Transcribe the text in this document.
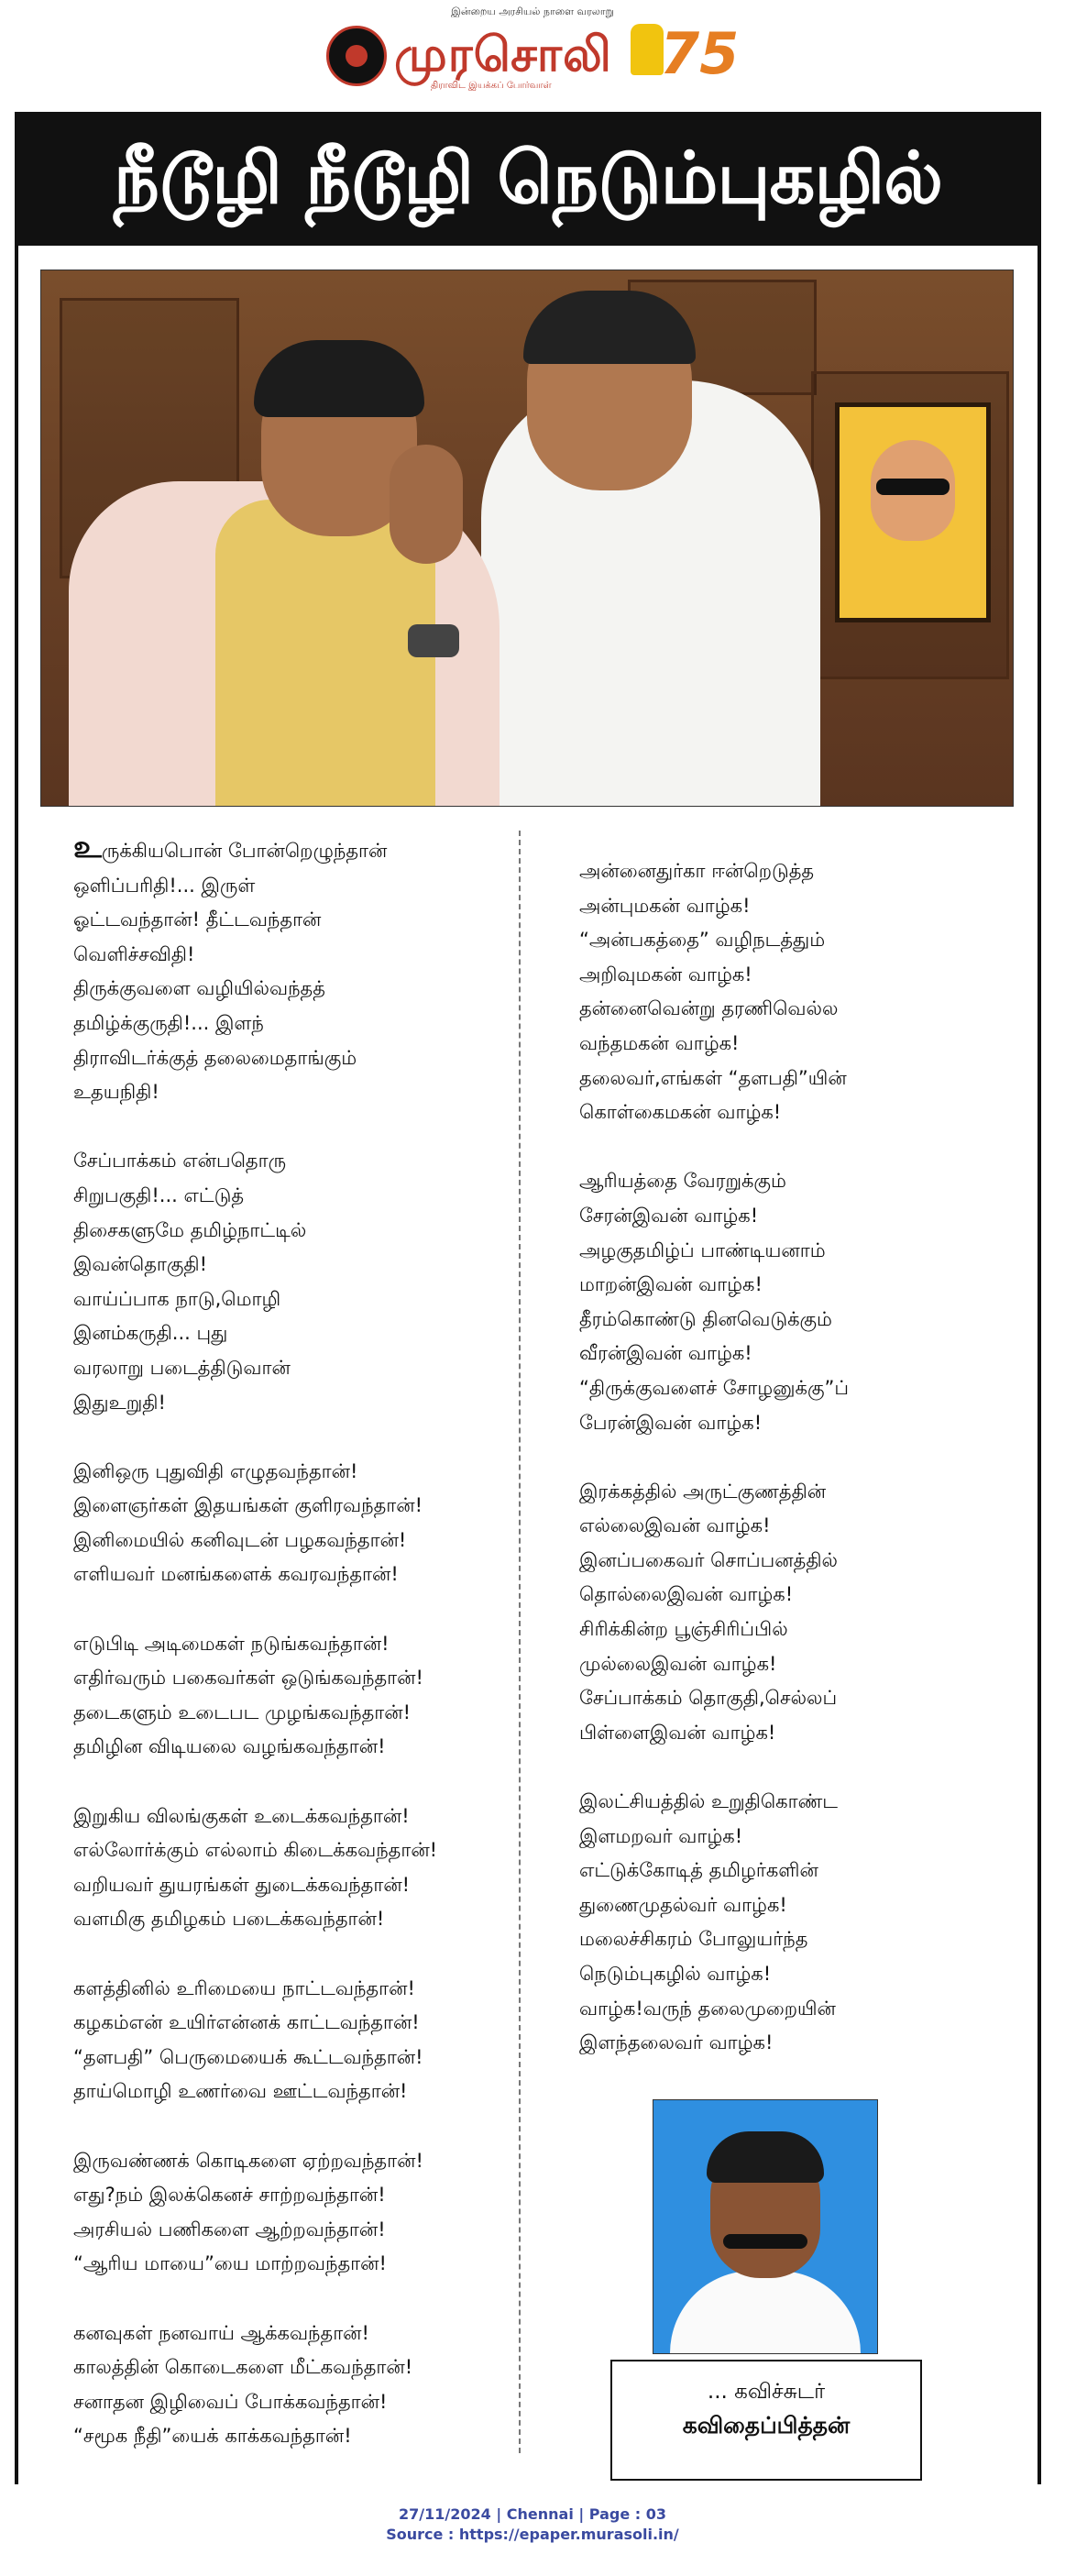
இன்றைய அரசியல் நாளை வரலாறு
முரசொலி
திராவிட இயக்கப் போர்வாள் 75
நீடூழி நீடூழி நெடும்புகழில்
உருக்கியபொன் போன்றெழுந்தான்
ஒளிப்பரிதி!... இருள்
ஓட்டவந்தான்! தீட்டவந்தான்
வெளிச்சவிதி!
திருக்குவளை வழியில்வந்தத்
தமிழ்க்குருதி!... இளந்
திராவிடர்க்குத் தலைமைதாங்கும்
உதயநிதி!
சேப்பாக்கம் என்பதொரு
சிறுபகுதி!... எட்டுத்
திசைகளுமே தமிழ்நாட்டில்
இவன்தொகுதி!
வாய்ப்பாக நாடு,மொழி
இனம்கருதி... புது
வரலாறு படைத்திடுவான்
இதுஉறுதி!
இனிஒரு புதுவிதி எழுதவந்தான்!
இளைஞர்கள் இதயங்கள் குளிரவந்தான்!
இனிமையில் கனிவுடன் பழகவந்தான்!
எளியவர் மனங்களைக் கவரவந்தான்!
எடுபிடி அடிமைகள் நடுங்கவந்தான்!
எதிர்வரும் பகைவர்கள் ஒடுங்கவந்தான்!
தடைகளும் உடைபட முழங்கவந்தான்!
தமிழின விடியலை வழங்கவந்தான்!
இறுகிய விலங்குகள் உடைக்கவந்தான்!
எல்லோர்க்கும் எல்லாம் கிடைக்கவந்தான்!
வறியவர் துயரங்கள் துடைக்கவந்தான்!
வளமிகு தமிழகம் படைக்கவந்தான்!
களத்தினில் உரிமையை நாட்டவந்தான்!
கழகம்என் உயிர்என்னக் காட்டவந்தான்!
“தளபதி” பெருமையைக் கூட்டவந்தான்!
தாய்மொழி உணர்வை ஊட்டவந்தான்!
இருவண்ணக் கொடிகளை ஏற்றவந்தான்!
எது?நம் இலக்கெனச் சாற்றவந்தான்!
அரசியல் பணிகளை ஆற்றவந்தான்!
“ஆரிய மாயை”யை மாற்றவந்தான்!
கனவுகள் நனவாய் ஆக்கவந்தான்!
காலத்தின் கொடைகளை மீட்கவந்தான்!
சனாதன இழிவைப் போக்கவந்தான்!
“சமூக நீதி”யைக் காக்கவந்தான்!
அன்னைதுர்கா ஈன்றெடுத்த
அன்புமகன் வாழ்க!
“அன்பகத்தை” வழிநடத்தும்
அறிவுமகன் வாழ்க!
தன்னைவென்று தரணிவெல்ல
வந்தமகன் வாழ்க!
தலைவர்,எங்கள் “தளபதி”யின்
கொள்கைமகன் வாழ்க!
ஆரியத்தை வேரறுக்கும்
சேரன்இவன் வாழ்க!
அழகுதமிழ்ப் பாண்டியனாம்
மாறன்இவன் வாழ்க!
தீரம்கொண்டு தினவெடுக்கும்
வீரன்இவன் வாழ்க!
“திருக்குவளைச் சோழனுக்கு”ப்
பேரன்இவன் வாழ்க!
இரக்கத்தில் அருட்குணத்தின்
எல்லைஇவன் வாழ்க!
இனப்பகைவர் சொப்பனத்தில்
தொல்லைஇவன் வாழ்க!
சிரிக்கின்ற பூஞ்சிரிப்பில்
முல்லைஇவன் வாழ்க!
சேப்பாக்கம் தொகுதி,செல்லப்
பிள்ளைஇவன் வாழ்க!
இலட்சியத்தில் உறுதிகொண்ட
இளமறவர் வாழ்க!
எட்டுக்கோடித் தமிழர்களின்
துணைமுதல்வர் வாழ்க!
மலைச்சிகரம் போலுயர்ந்த
நெடும்புகழில் வாழ்க!
வாழ்க!வருந் தலைமுறையின்
இளந்தலைவர் வாழ்க!
... கவிச்சுடர்
கவிதைப்பித்தன்
27/11/2024 | Chennai | Page : 03
Source : https://epaper.murasoli.in/
